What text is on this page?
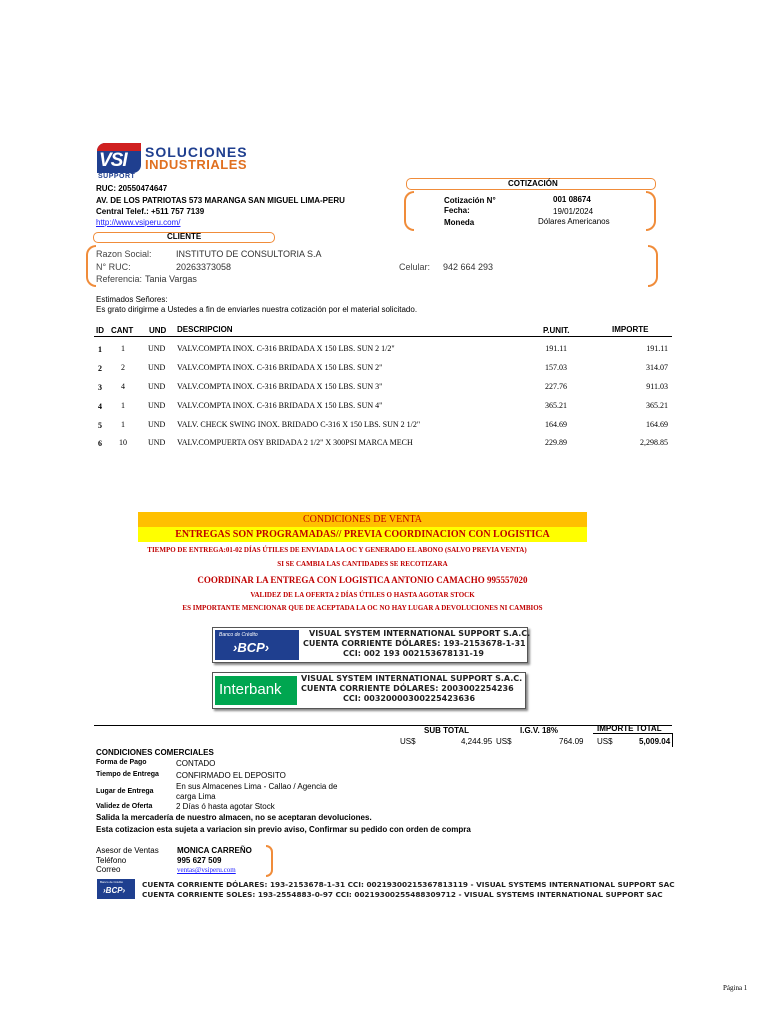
VSI
SUPPORT
SOLUCIONES
INDUSTRIALES
RUC: 20550474647
AV. DE LOS PATRIOTAS 573 MARANGA SAN MIGUEL LIMA-PERU
Central Telef.: +511 757 7139
http://www.vsiperu.com/
COTIZACIÓN
Cotización N°	001 08674
Fecha:	19/01/2024
Moneda	Dólares Americanos
CLIENTE
Razon Social:	INSTITUTO DE CONSULTORIA S.A
N° RUC:	20263373058	Celular: 942 664 293
Referencia: Tania Vargas
Estimados Señores:
Es grato dirigirme a Ustedes a fin de enviarles nuestra cotización por el material solicitado.
ID CANT UND DESCRIPCION	P.UNIT.	IMPORTE
1 1	UND VALV.COMPTA INOX. C-316 BRIDADA X 150 LBS. SUN 2 1/2"	191.11	191.11
2 2	UND VALV.COMPTA INOX. C-316 BRIDADA X 150 LBS. SUN 2"	157.03	314.07
3 4	UND VALV.COMPTA INOX. C-316 BRIDADA X 150 LBS. SUN 3"	227.76	911.03
4 1	UND VALV.COMPTA INOX. C-316 BRIDADA X 150 LBS. SUN 4"	365.21	365.21
5 1	UND VALV. CHECK SWING INOX. BRIDADO C-316 X 150 LBS. SUN 2 1/2"	164.69	164.69
6 10	UND VALV.COMPUERTA OSY BRIDADA 2 1/2" X 300PSI MARCA MECH	229.89	2,298.85
CONDICIONES DE VENTA
ENTREGAS SON PROGRAMADAS// PREVIA COORDINACION CON LOGISTICA
TIEMPO DE ENTREGA:01-02 DÍAS ÚTILES DE ENVIADA LA OC Y GENERADO EL ABONO (SALVO PREVIA VENTA)
SI SE CAMBIA LAS CANTIDADES SE RECOTIZARA
COORDINAR LA ENTREGA CON LOGISTICA ANTONIO CAMACHO 995557020
VALIDEZ DE LA OFERTA 2 DÍAS ÚTILES O HASTA AGOTAR STOCK
ES IMPORTANTE MENCIONAR QUE DE ACEPTADA LA OC NO HAY LUGAR A DEVOLUCIONES NI CAMBIOS
Banco de Crédito
›BCP›
VISUAL SYSTEM INTERNATIONAL SUPPORT S.A.C.
CUENTA CORRIENTE DÓLARES: 193-2153678-1-31
CCI: 002 193 002153678131-19
Interbank
VISUAL SYSTEM INTERNATIONAL SUPPORT S.A.C.
CUENTA CORRIENTE DÓLARES: 2003002254236
CCI: 00320000300225423636
SUB TOTAL	I.G.V. 18%	IMPORTE TOTAL
US$	4,244.95 US$	764.09 US$	5,009.04
CONDICIONES COMERCIALES
Forma de Pago	CONTADO
Tiempo de Entrega CONFIRMADO EL DEPOSITO
Lugar de Entrega
En sus Almacenes Lima - Callao / Agencia de
carga Lima
Validez de Oferta	2 Días ó hasta agotar Stock
Salida la mercadería de nuestro almacen, no se aceptaran devoluciones.
Esta cotizacion esta sujeta a variacion sin previo aviso, Confirmar su pedido con orden de compra
Asesor de Ventas MONICA CARREÑO
Teléfono	995 627 509
Correo	ventas@vsiperu.com
Banco de Crédito
›BCP›
CUENTA CORRIENTE DÓLARES: 193-2153678-1-31 CCI: 00219300215367813119 - VISUAL SYSTEMS INTERNATIONAL SUPPORT SAC
CUENTA CORRIENTE SOLES: 193-2554883-0-97 CCI: 00219300255488309712 - VISUAL SYSTEMS INTERNATIONAL SUPPORT SAC
Página 1
